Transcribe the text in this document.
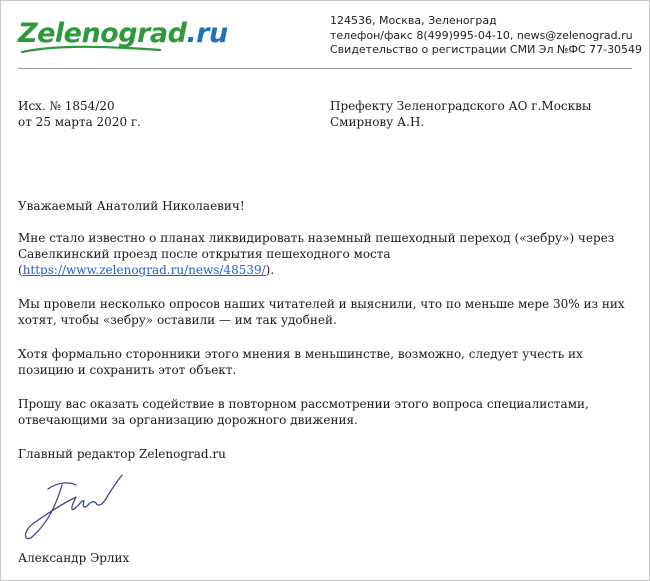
Zelenograd.ru	124536, Москва, Зеленоград
телефон/факс 8(499)995-04-10, news@zelenograd.ru
Свидетельство о регистрации СМИ Эл №ФС 77-30549
Исх. № 1854/20
от 25 марта 2020 г.
Префекту Зеленоградского АО г.Москвы
Смирнову А.Н.

Уважаемый Анатолий Николаевич!

Мне стало известно о планах ликвидировать наземный пешеходный переход («зебру») через Савелкинский проезд после открытия пешеходного моста (https://www.zelenograd.ru/news/48539/).

Мы провели несколько опросов наших читателей и выяснили, что по меньше мере 30% из них хотят, чтобы «зебру» оставили — им так удобней.

Хотя формально сторонники этого мнения в меньшинстве, возможно, следует учесть их позицию и сохранить этот объект.

Прошу вас оказать содействие в повторном рассмотрении этого вопроса специалистами, отвечающими за организацию дорожного движения.

Главный редактор Zelenograd.ru
Александр Эрлих
